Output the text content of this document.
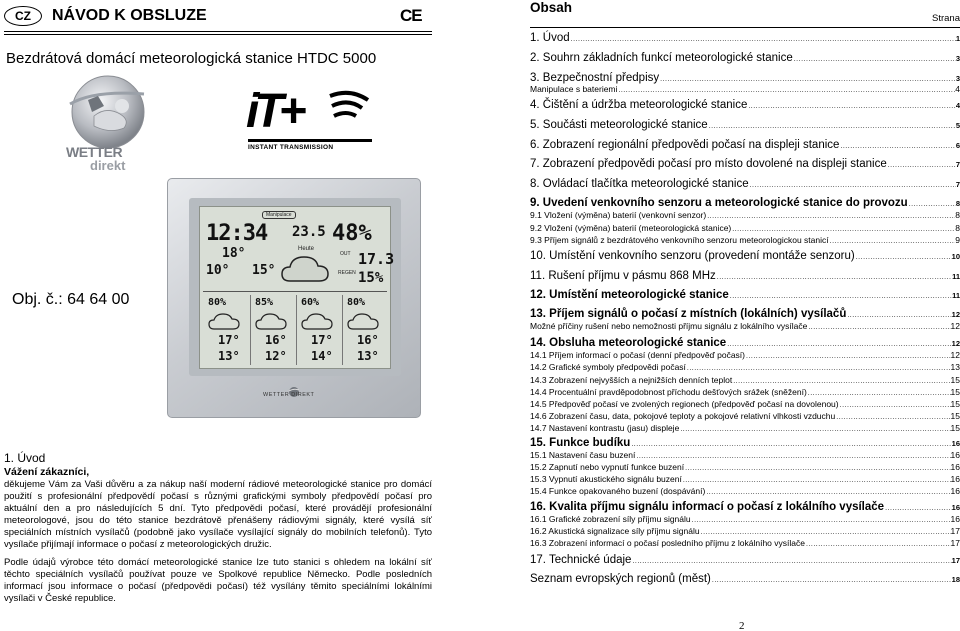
CZ	NÁVOD K OBSLUZE	CE
Bezdrátová domácí meteorologická stanice HTDC 5000
WETTER
direkt
iT+
INSTANT TRANSMISSION
Obj. č.: 64 64 00
Manipulace
12:34 23.5 48%
Heute
18°
10° 15°
OUT 17.3
REGEN 15%
80%
17°
13°
85%
16°
12°
60%
17°
14°
80%
16°
13°
WETTER DIREKT
1. Úvod
Vážení zákazníci,
děkujeme Vám za Vaši důvěru a za nákup naší moderní rádiové meteorologické stanice pro domácí použití s profesionální předpovědí počasí s různými grafickými symboly předpovědí počasí pro aktuální den a pro následujících 5 dní. Tyto předpovědi počasí, které provádějí profesionální meteorologové, jsou do této stanice bezdrátově přenášeny rádiovými signály, které vysílá síť speciálních místních vysílačů (podobně jako vysílače vysílající signály do mobilních telefonů). Tyto vysílače přijímají informace o počasí z meteorologických družic.
Podle údajů výrobce této domácí meteorologické stanice lze tuto stanici s ohledem na lokální síť těchto speciálních vysílačů používat pouze ve Spolkové republice Německo. Podle posledních informací jsou informace o počasí (předpovědi počasí) též vysílány těmito speciálními lokálními vysílači v České republice.
Obsah
Strana
1. Úvod .....	1
2. Souhrn základních funkcí meteorologické stanice .....	3
3. Bezpečnostní předpisy .....	3
Manipulace s bateriemi .....	4
4. Čištění a údržba meteorologické stanice .....	4
5. Součásti meteorologické stanice .....	5
6. Zobrazení regionální předpovědi počasí na displeji stanice .....	6
7. Zobrazení předpovědi počasí pro místo dovolené na displeji stanice .....	7
8. Ovládací tlačítka meteorologické stanice .....	7
9. Uvedení venkovního senzoru a meteorologické stanice do provozu .....	8
9.1 Vložení (výměna) baterií (venkovní senzor) .....	8
9.2 Vložení (výměna) baterií (meteorologická stanice) .....	8
9.3 Příjem signálů z bezdrátového venkovního senzoru meteorologickou stanicí .....	9
10. Umístění venkovního senzoru (provedení montáže senzoru) .....	10
11. Rušení příjmu v pásmu 868 MHz .....	11
12. Umístění meteorologické stanice .....	11
13. Příjem signálů o počasí z místních (lokálních) vysílačů .....	12
Možné příčiny rušení nebo nemožnosti příjmu signálu z lokálního vysílače .....	12
14. Obsluha meteorologické stanice .....	12
14.1 Příjem informací o počasí (denní předpověď počasí) .....	12
14.2 Grafické symboly předpovědi počasí .....	13
14.3 Zobrazení nejvyšších a nejnižších denních teplot .....	15
14.4 Procentuální pravděpodobnost příchodu dešťových srážek (sněžení) .....	15
14.5 Předpověď počasí ve zvolených regionech (předpověď počasí na dovolenou) .....	15
14.6 Zobrazení času, data, pokojové teploty a pokojové relativní vlhkosti vzduchu .....	15
14.7 Nastavení kontrastu (jasu) displeje .....	15
15. Funkce budíku .....	16
15.1 Nastavení času buzení .....	16
15.2 Zapnutí nebo vypnutí funkce buzení .....	16
15.3 Vypnutí akustického signálu buzení .....	16
15.4 Funkce opakovaného buzení (dospávání) .....	16
16. Kvalita příjmu signálu informací o počasí z lokálního vysílače .....	16
16.1 Grafické zobrazení síly příjmu signálu .....	16
16.2 Akustická signalizace síly příjmu signálu .....	17
16.3 Zobrazení informací o počasí posledního příjmu z lokálního vysílače .....	17
17. Technické údaje .....	17
Seznam evropských regionů (měst) .....	18
2
